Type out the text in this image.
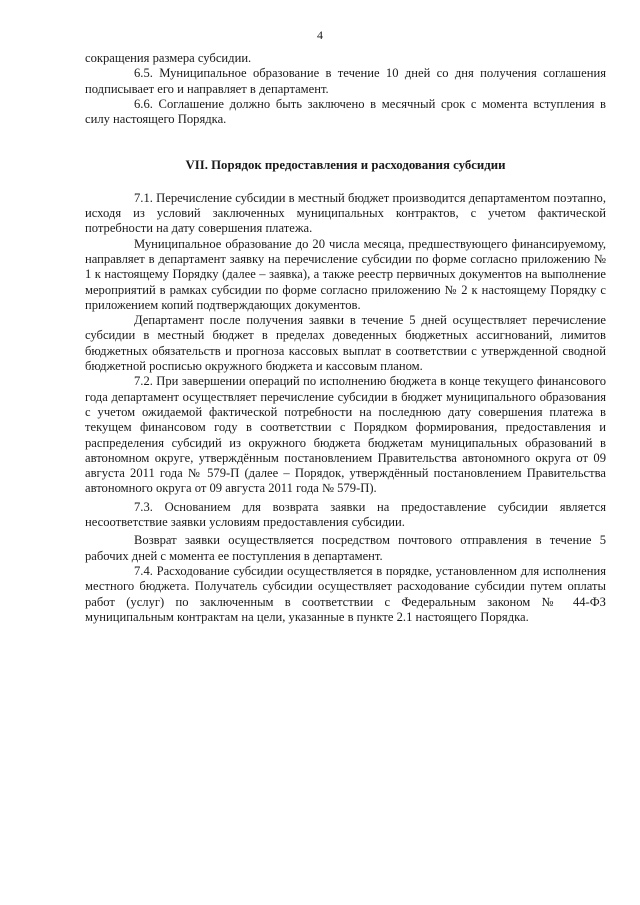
4

сокращения размера субсидии.

6.5. Муниципальное образование в течение 10 дней со дня получения соглашения подписывает его и направляет в департамент.

6.6. Соглашение должно быть заключено в месячный срок с момента вступления в силу настоящего Порядка.

VII. Порядок предоставления и расходования субсидии

7.1. Перечисление субсидии в местный бюджет производится департаментом поэтапно, исходя из условий заключенных муниципальных контрактов, с учетом фактической потребности на дату совершения платежа.

Муниципальное образование до 20 числа месяца, предшествующего финансируемому, направляет в департамент заявку на перечисление субсидии по форме согласно приложению № 1 к настоящему Порядку (далее – заявка), а также реестр первичных документов на выполнение мероприятий в рамках субсидии по форме согласно приложению № 2 к настоящему Порядку с приложением копий подтверждающих документов.

Департамент после получения заявки в течение 5 дней осуществляет перечисление субсидии в местный бюджет в пределах доведенных бюджетных ассигнований, лимитов бюджетных обязательств и прогноза кассовых выплат в соответствии с утвержденной сводной бюджетной росписью окружного бюджета и кассовым планом.

7.2. При завершении операций по исполнению бюджета в конце текущего финансового года департамент осуществляет перечисление субсидии в бюджет муниципального образования с учетом ожидаемой фактической потребности на последнюю дату совершения платежа в текущем финансовом году в соответствии с Порядком формирования, предоставления и распределения субсидий из окружного бюджета бюджетам муниципальных образований в автономном округе, утверждённым постановлением Правительства автономного округа от 09 августа 2011 года № 579-П (далее – Порядок, утверждённый постановлением Правительства автономного округа от 09 августа 2011 года № 579-П).

7.3. Основанием для возврата заявки на предоставление субсидии является несоответствие заявки условиям предоставления субсидии.

Возврат заявки осуществляется посредством почтового отправления в течение 5 рабочих дней с момента ее поступления в департамент.

7.4. Расходование субсидии осуществляется в порядке, установленном для исполнения местного бюджета. Получатель субсидии осуществляет расходование субсидии путем оплаты работ (услуг) по заключенным в соответствии с Федеральным законом № 44-ФЗ муниципальным контрактам на цели, указанные в пункте 2.1 настоящего Порядка.
